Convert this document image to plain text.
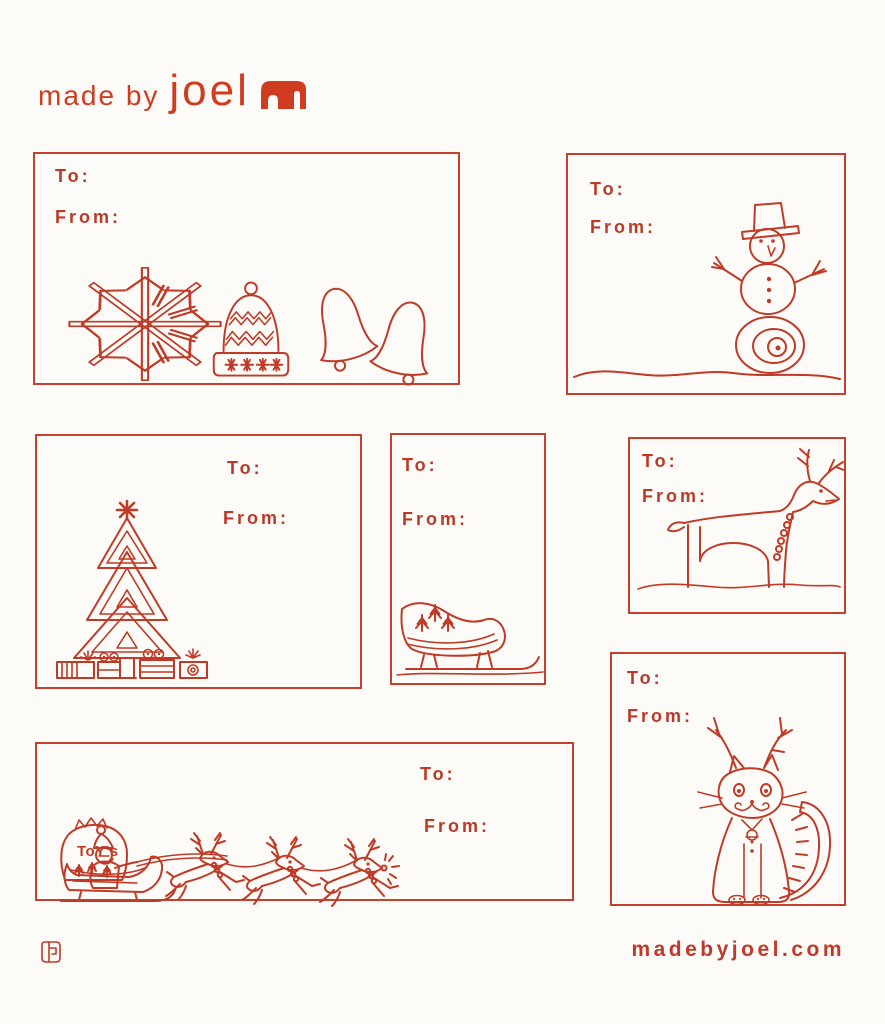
made by joel
To:
From:
To:
From:
To:
From:
To:
From:
To:
From:
To:
From:
ToY's
To:
From:
madebyjoel.com
